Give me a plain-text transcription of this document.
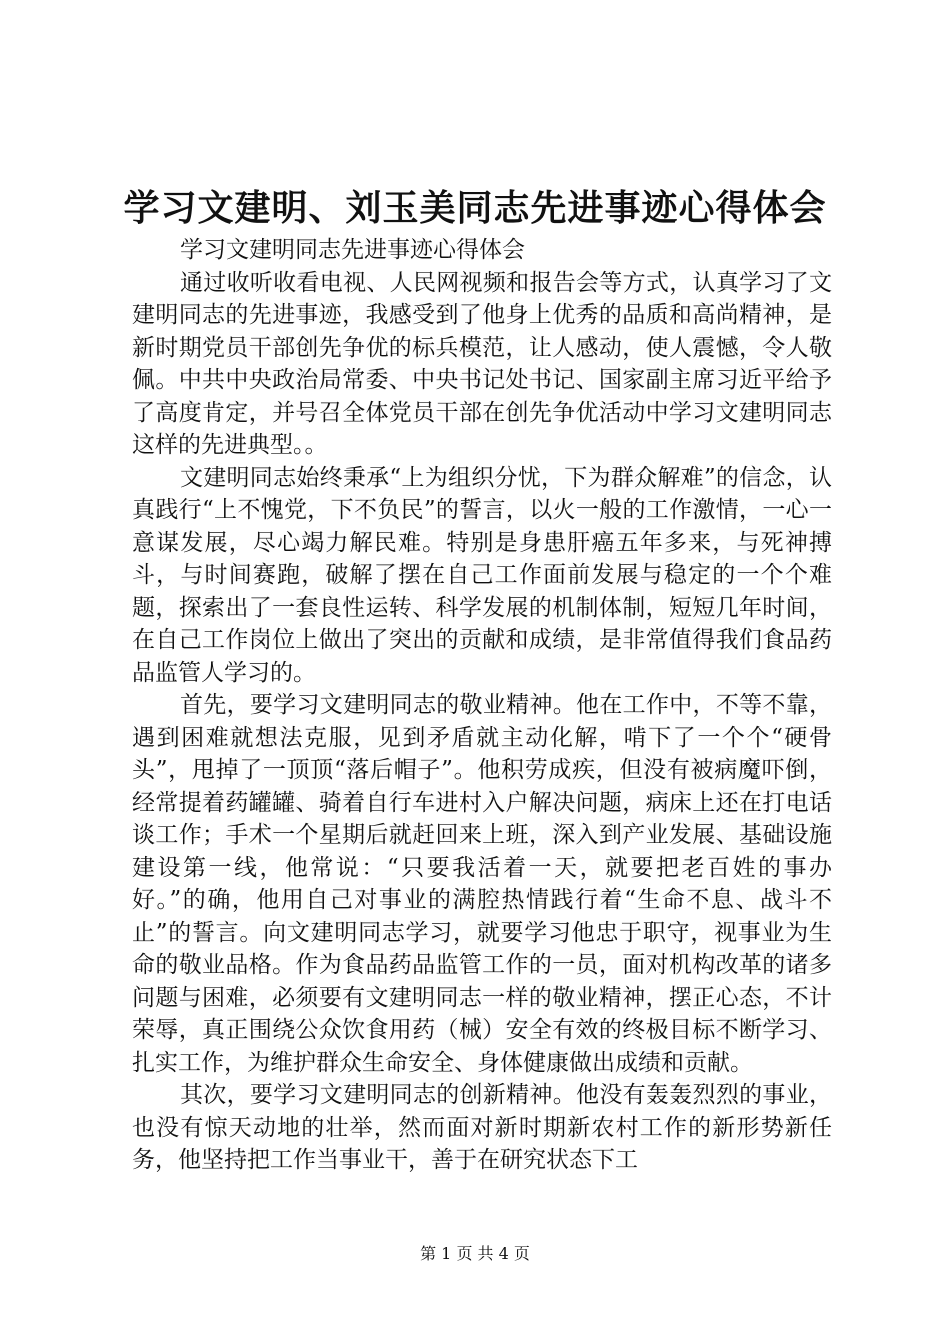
学习文建明、刘玉美同志先进事迹心得体会

学习文建明同志先进事迹心得体会

通过收听收看电视、人民网视频和报告会等方式，认真学习了文建明同志的先进事迹，我感受到了他身上优秀的品质和高尚精神，是新时期党员干部创先争优的标兵模范，让人感动，使人震憾，令人敬佩。中共中央政治局常委、中央书记处书记、国家副主席习近平给予了高度肯定，并号召全体党员干部在创先争优活动中学习文建明同志这样的先进典型。。

文建明同志始终秉承“上为组织分忧，下为群众解难”的信念，认真践行“上不愧党，下不负民”的誓言，以火一般的工作激情，一心一意谋发展，尽心竭力解民难。特别是身患肝癌五年多来，与死神搏斗，与时间赛跑，破解了摆在自己工作面前发展与稳定的一个个难题，探索出了一套良性运转、科学发展的机制体制，短短几年时间，在自己工作岗位上做出了突出的贡献和成绩，是非常值得我们食品药品监管人学习的。

首先，要学习文建明同志的敬业精神。他在工作中，不等不靠，遇到困难就想法克服，见到矛盾就主动化解，啃下了一个个“硬骨头”，甩掉了一顶顶“落后帽子”。他积劳成疾，但没有被病魔吓倒，经常提着药罐罐、骑着自行车进村入户解决问题，病床上还在打电话谈工作；手术一个星期后就赶回来上班，深入到产业发展、基础设施建设第一线，他常说：“只要我活着一天，就要把老百姓的事办好。”的确，他用自己对事业的满腔热情践行着“生命不息、战斗不止”的誓言。向文建明同志学习，就要学习他忠于职守，视事业为生命的敬业品格。作为食品药品监管工作的一员，面对机构改革的诸多问题与困难，必须要有文建明同志一样的敬业精神，摆正心态，不计荣辱，真正围绕公众饮食用药（械）安全有效的终极目标不断学习、扎实工作，为维护群众生命安全、身体健康做出成绩和贡献。

其次，要学习文建明同志的创新精神。他没有轰轰烈烈的事业，也没有惊天动地的壮举，然而面对新时期新农村工作的新形势新任务，他坚持把工作当事业干，善于在研究状态下工

第 1 页 共 4 页
